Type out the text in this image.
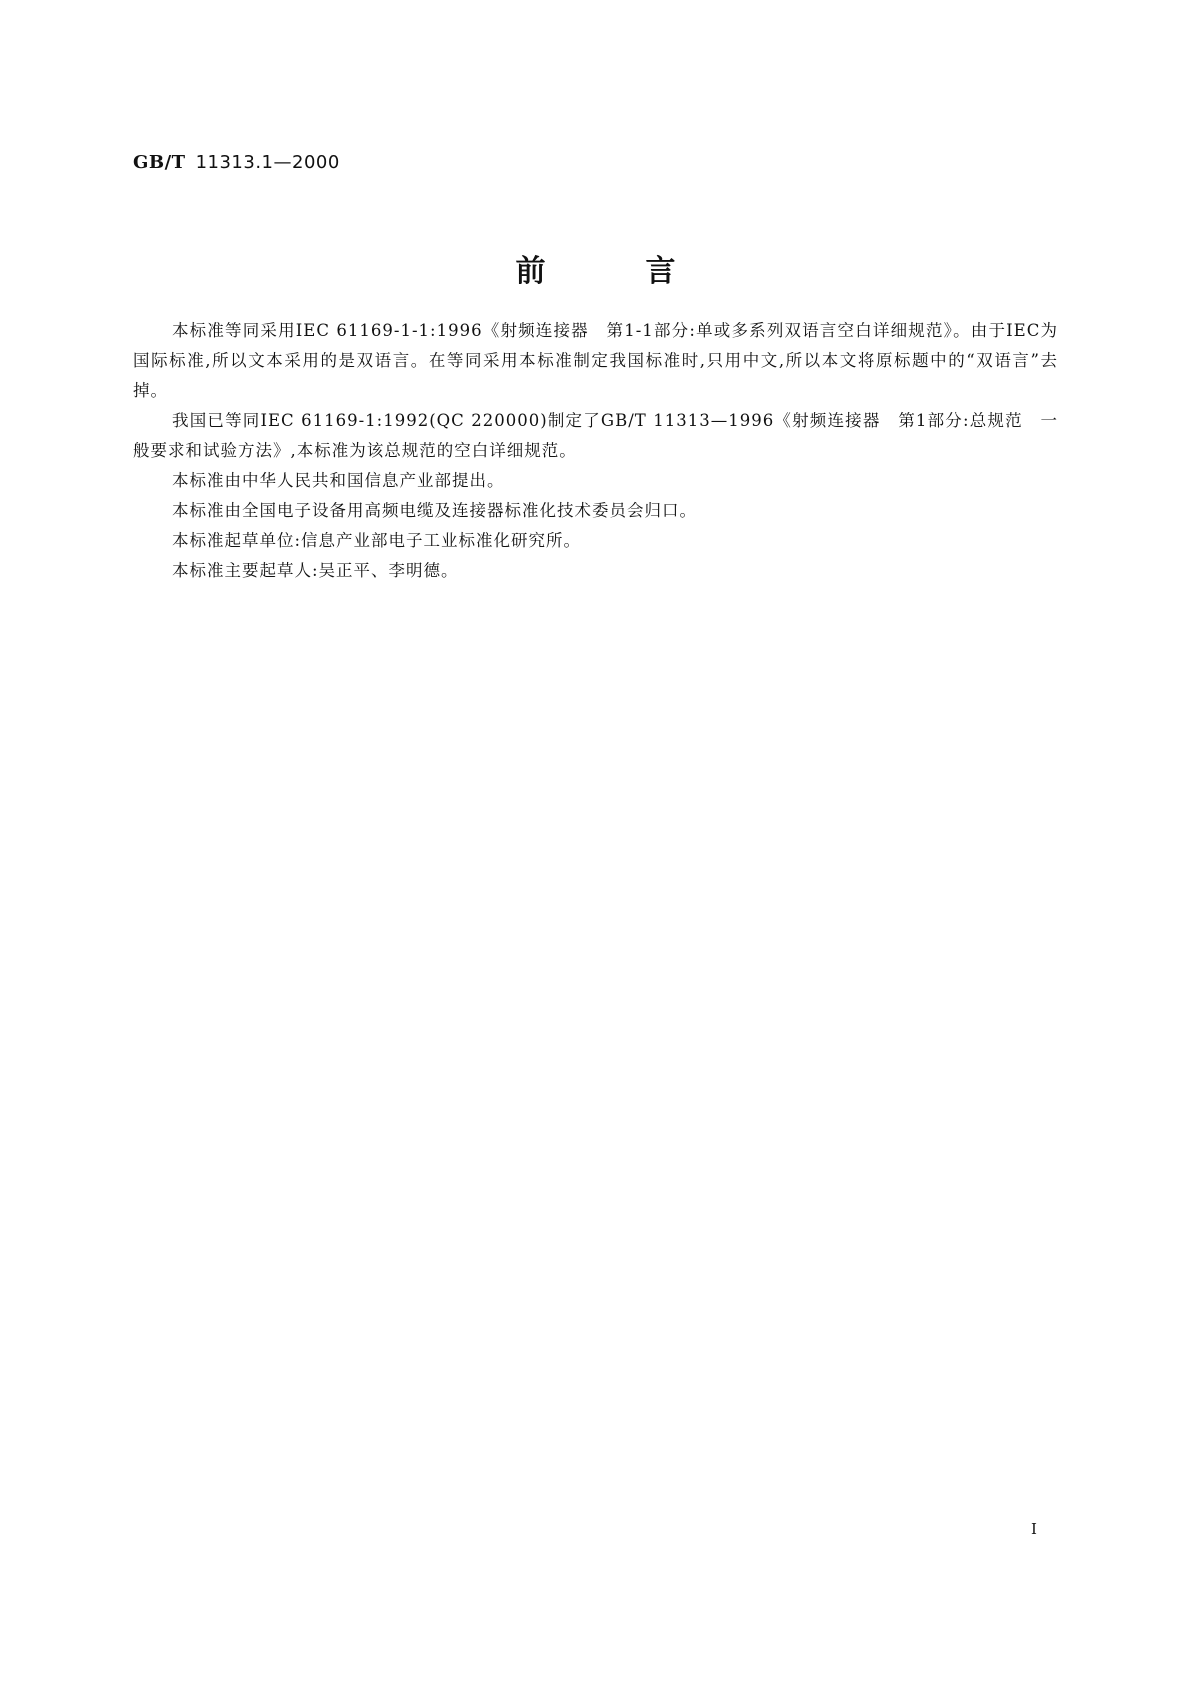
GB/T 11313.1—2000
前言

本标准等同采用IEC 61169-1-1:1996《射频连接器　第1-1部分:单或多系列双语言空白详细规范》。由于IEC为国际标准,所以文本采用的是双语言。在等同采用本标准制定我国标准时,只用中文,所以本文将原标题中的“双语言”去掉。

我国已等同IEC 61169-1:1992(QC 220000)制定了GB/T 11313—1996《射频连接器　第1部分:总规范　一般要求和试验方法》,本标准为该总规范的空白详细规范。

本标准由中华人民共和国信息产业部提出。

本标准由全国电子设备用高频电缆及连接器标准化技术委员会归口。

本标准起草单位:信息产业部电子工业标准化研究所。

本标准主要起草人:吴正平、李明德。

I
